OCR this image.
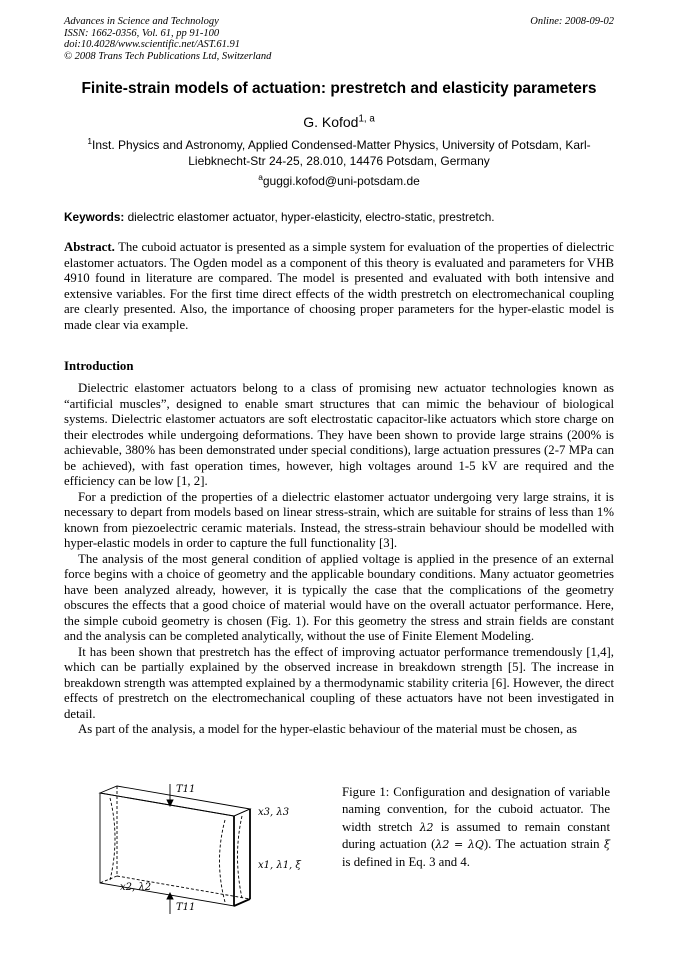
Advances in Science and Technology
ISSN: 1662-0356, Vol. 61, pp 91-100
doi:10.4028/www.scientific.net/AST.61.91
© 2008 Trans Tech Publications Ltd, Switzerland
Online: 2008-09-02
Finite-strain models of actuation: prestretch and elasticity parameters
G. Kofod$^{1, a}$
$^1$Inst. Physics and Astronomy, Applied Condensed-Matter Physics, University of Potsdam, Karl-Liebknecht-Str 24-25, 28.010, 14476 Potsdam, Germany
$^a$guggi.kofod@uni-potsdam.de
Keywords: dielectric elastomer actuator, hyper-elasticity, electro-static, prestretch.
Abstract. The cuboid actuator is presented as a simple system for evaluation of the properties of dielectric elastomer actuators. The Ogden model as a component of this theory is evaluated and parameters for VHB 4910 found in literature are compared. The model is presented and evaluated with both intensive and extensive variables. For the first time direct effects of the width prestretch on electromechanical coupling are clearly presented. Also, the importance of choosing proper parameters for the hyper-elastic model is made clear via example.
Introduction

Dielectric elastomer actuators belong to a class of promising new actuator technologies known as “artificial muscles”, designed to enable smart structures that can mimic the behaviour of biological systems. Dielectric elastomer actuators are soft electrostatic capacitor-like actuators which store charge on their electrodes while undergoing deformations. They have been shown to provide large strains (200% is achievable, 380% has been demonstrated under special conditions), large actuation pressures (2-7 MPa can be achieved), with fast operation times, however, high voltages around 1-5 kV are required and the efficiency can be low [1, 2].

For a prediction of the properties of a dielectric elastomer actuator undergoing very large strains, it is necessary to depart from models based on linear stress-strain, which are suitable for strains of less than 1% known from piezoelectric ceramic materials. Instead, the stress-strain behaviour should be modelled with hyper-elastic models in order to capture the full functionality [3].

The analysis of the most general condition of applied voltage is applied in the presence of an external force begins with a choice of geometry and the applicable boundary conditions. Many actuator geometries have been analyzed already, however, it is typically the case that the complications of the geometry obscures the effects that a good choice of material would have on the overall actuator performance. Here, the simple cuboid geometry is chosen (Fig. 1). For this geometry the stress and strain fields are constant and the analysis can be completed analytically, without the use of Finite Element Modeling.

It has been shown that prestretch has the effect of improving actuator performance tremendously [1,4], which can be partially explained by the observed increase in breakdown strength [5]. The increase in breakdown strength was attempted explained by a thermodynamic stability criteria [6]. However, the direct effects of prestretch on the electromechanical coupling of these actuators have not been investigated in detail.

As part of the analysis, a model for the hyper-elastic behaviour of the material must be chosen, as

T11
x3, λ3
x1, λ1, ξ
x2, λ2
T11
Figure 1: Configuration and designation of variable naming convention, for the cuboid actuator. The width stretch λ2 is assumed to remain constant during actuation (λ2 = λQ). The actuation strain ξ is defined in Eq. 3 and 4.
